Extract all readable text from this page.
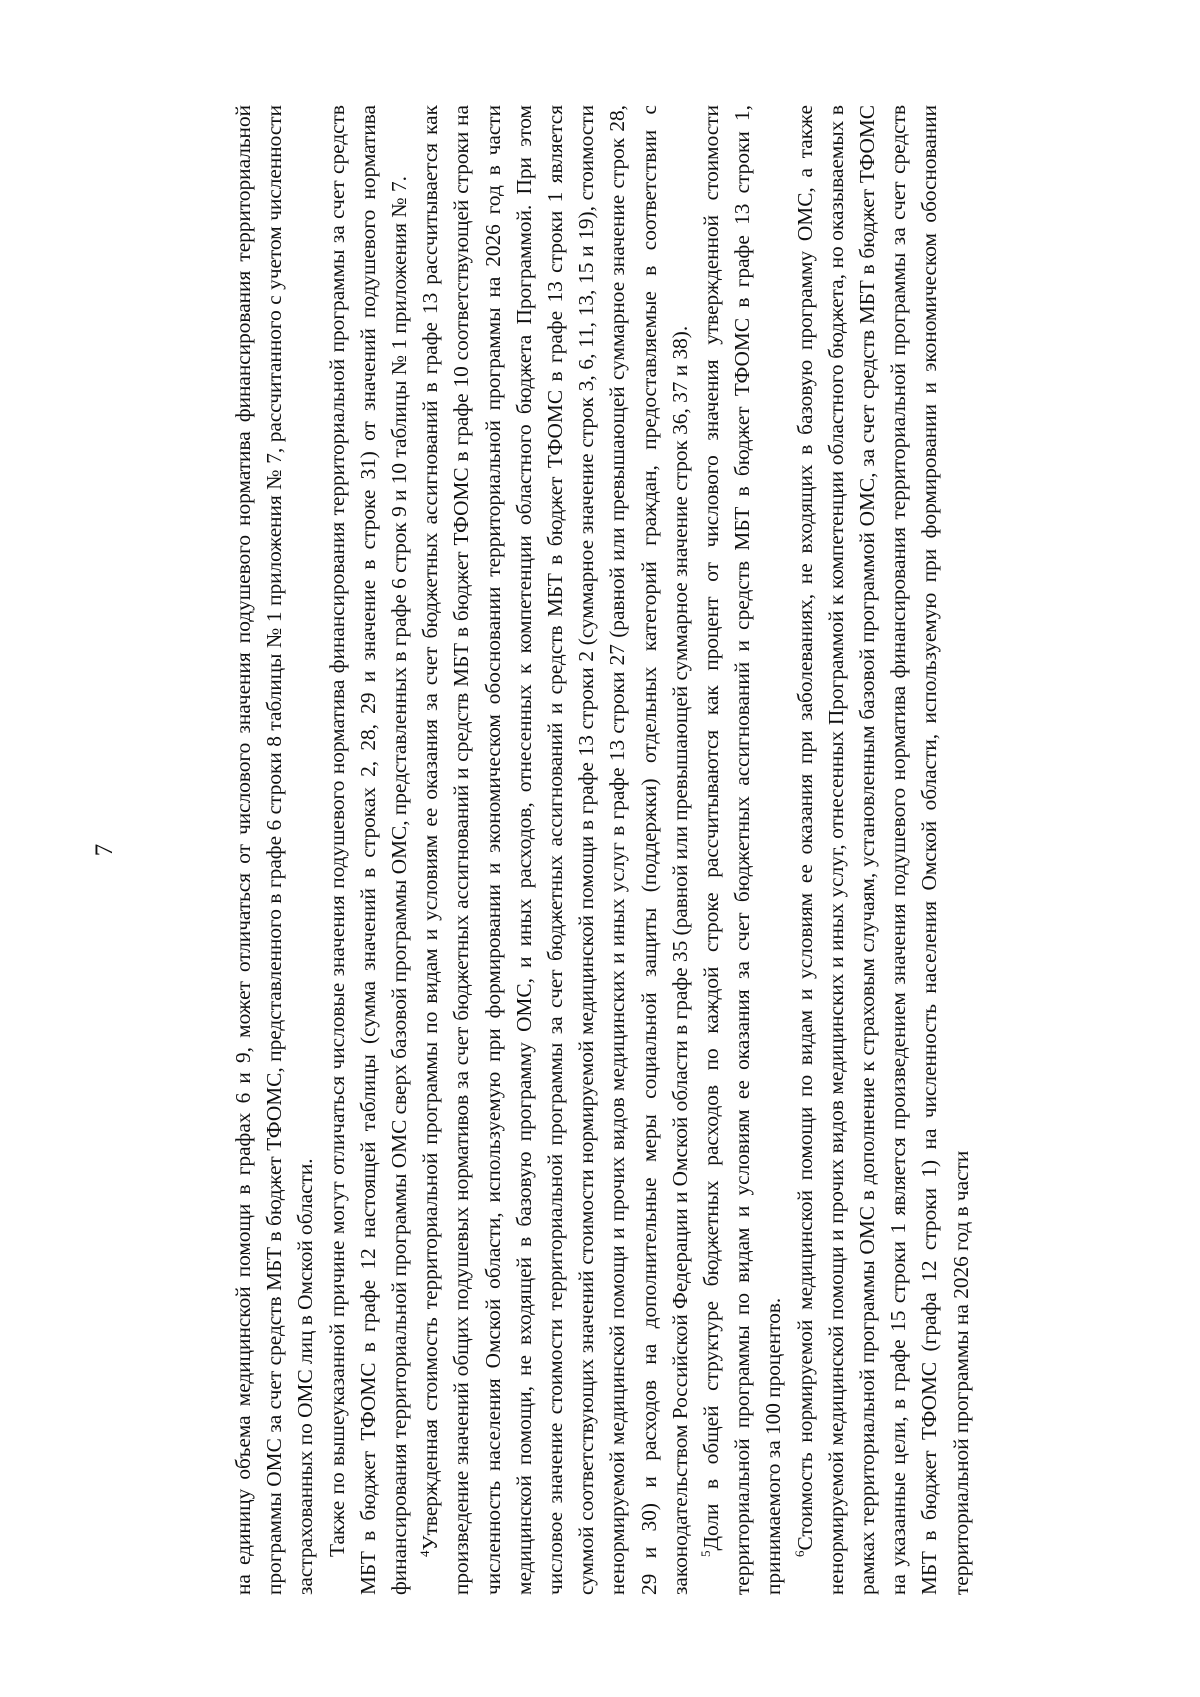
7	на единицу объема медицинской помощи в графах 6 и 9, может отличаться от числового значения подушевого норматива финансирования территориальной программы ОМС за счет средств МБТ в бюджет ТФОМС, представленного в графе 6 строки 8 таблицы № 1 приложения № 7, рассчитанного с учетом численности застрахованных по ОМС лиц в Омской области. Также по вышеуказанной причине могут отличаться числовые значения подушевого норматива финансирования территориальной программы за счет средств МБТ в бюджет ТФОМС в графе 12 настоящей таблицы (сумма значений в строках 2, 28, 29 и значение в строке 31) от значений подушевого норматива финансирования территориальной программы ОМС сверх базовой программы ОМС, представленных в графе 6 строк 9 и 10 таблицы № 1 приложения № 7. $^4$Утвержденная стоимость территориальной программы по видам и условиям ее оказания за счет бюджетных ассигнований в графе 13 рассчитывается как произведение значений общих подушевых нормативов за счет бюджетных ассигнований и средств МБТ в бюджет ТФОМС в графе 10 соответствующей строки на численность населения Омской области, используемую при формировании и экономическом обосновании территориальной программы на 2026 год в части медицинской помощи, не входящей в базовую программу ОМС, и иных расходов, отнесенных к компетенции областного бюджета Программой. При этом числовое значение стоимости территориальной программы за счет бюджетных ассигнований и средств МБТ в бюджет ТФОМС в графе 13 строки 1 является суммой соответствующих значений стоимости нормируемой медицинской помощи в графе 13 строки 2 (суммарное значение строк 3, 6, 11, 13, 15 и 19), стоимости ненормируемой медицинской помощи и прочих видов медицинских и иных услуг в графе 13 строки 27 (равной или превышающей суммарное значение строк 28, 29 и 30) и расходов на дополнительные меры социальной защиты (поддержки) отдельных категорий граждан, предоставляемые в соответствии с законодательством Российской Федерации и Омской области в графе 35 (равной или превышающей суммарное значение строк 36, 37 и 38). $^5$Доли в общей структуре бюджетных расходов по каждой строке рассчитываются как процент от числового значения утвержденной стоимости территориальной программы по видам и условиям ее оказания за счет бюджетных ассигнований и средств МБТ в бюджет ТФОМС в графе 13 строки 1, принимаемого за 100 процентов. $^6$Стоимость нормируемой медицинской помощи по видам и условиям ее оказания при заболеваниях, не входящих в базовую программу ОМС, а также ненормируемой медицинской помощи и прочих видов медицинских и иных услуг, отнесенных Программой к компетенции областного бюджета, но оказываемых в рамках территориальной программы ОМС в дополнение к страховым случаям, установленным базовой программой ОМС, за счет средств МБТ в бюджет ТФОМС на указанные цели, в графе 15 строки 1 является произведением значения подушевого норматива финансирования территориальной программы за счет средств МБТ в бюджет ТФОМС (графа 12 строки 1) на численность населения Омской области, используемую при формировании и экономическом обосновании территориальной программы на 2026 год в части
